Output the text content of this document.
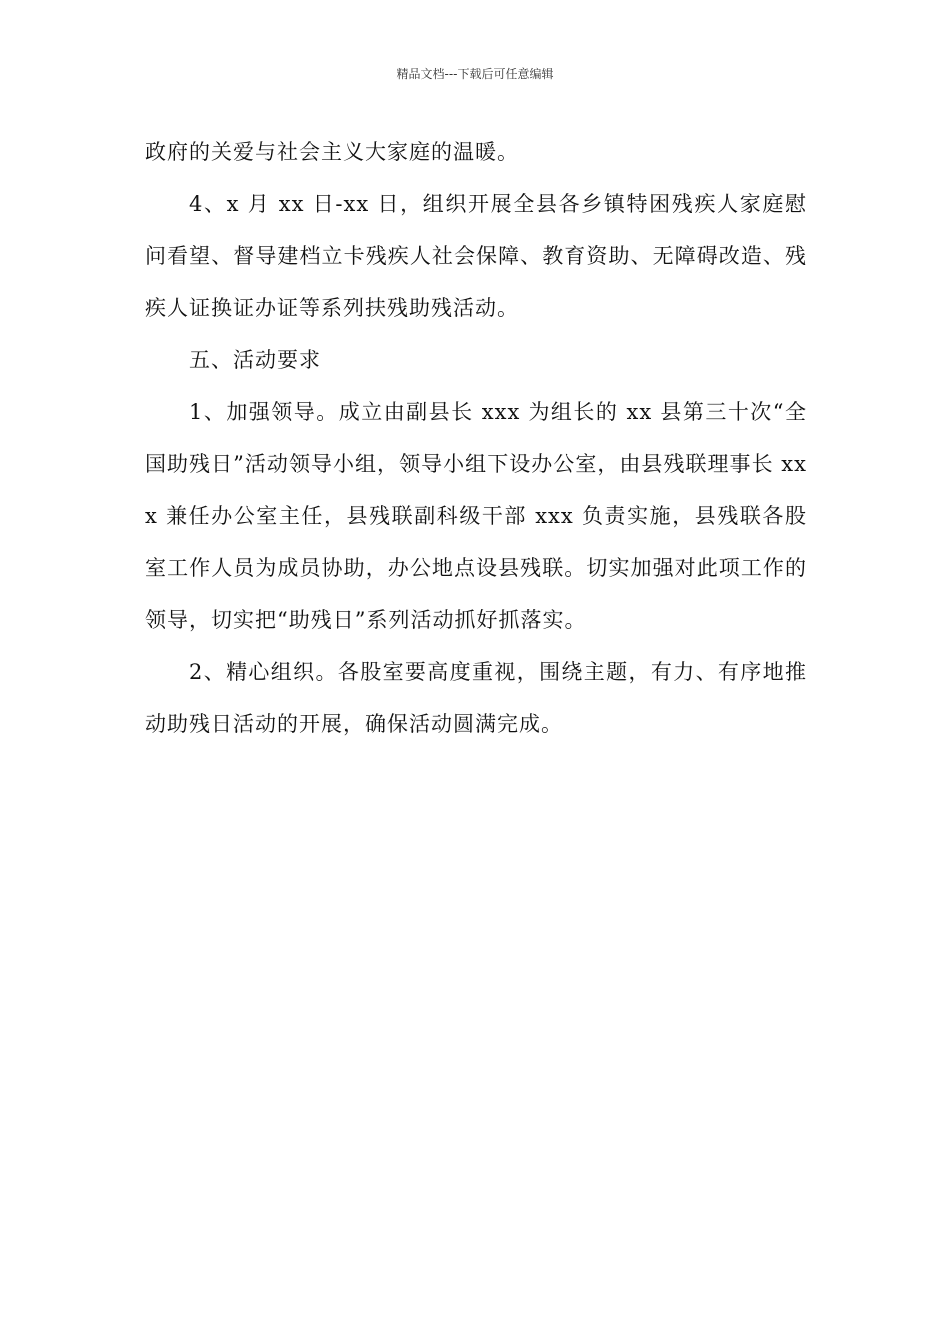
精品文档---下载后可任意编辑

政府的关爱与社会主义大家庭的温暖。

4、x 月 xx 日-xx 日，组织开展全县各乡镇特困残疾人家庭慰问看望、督导建档立卡残疾人社会保障、教育资助、无障碍改造、残疾人证换证办证等系列扶残助残活动。

五、活动要求

1、加强领导。成立由副县长 xxx 为组长的 xx 县第三十次“全国助残日”活动领导小组，领导小组下设办公室，由县残联理事长 xxx 兼任办公室主任，县残联副科级干部 xxx 负责实施，县残联各股室工作人员为成员协助，办公地点设县残联。切实加强对此项工作的领导，切实把“助残日”系列活动抓好抓落实。

2、精心组织。各股室要高度重视，围绕主题，有力、有序地推动助残日活动的开展，确保活动圆满完成。
